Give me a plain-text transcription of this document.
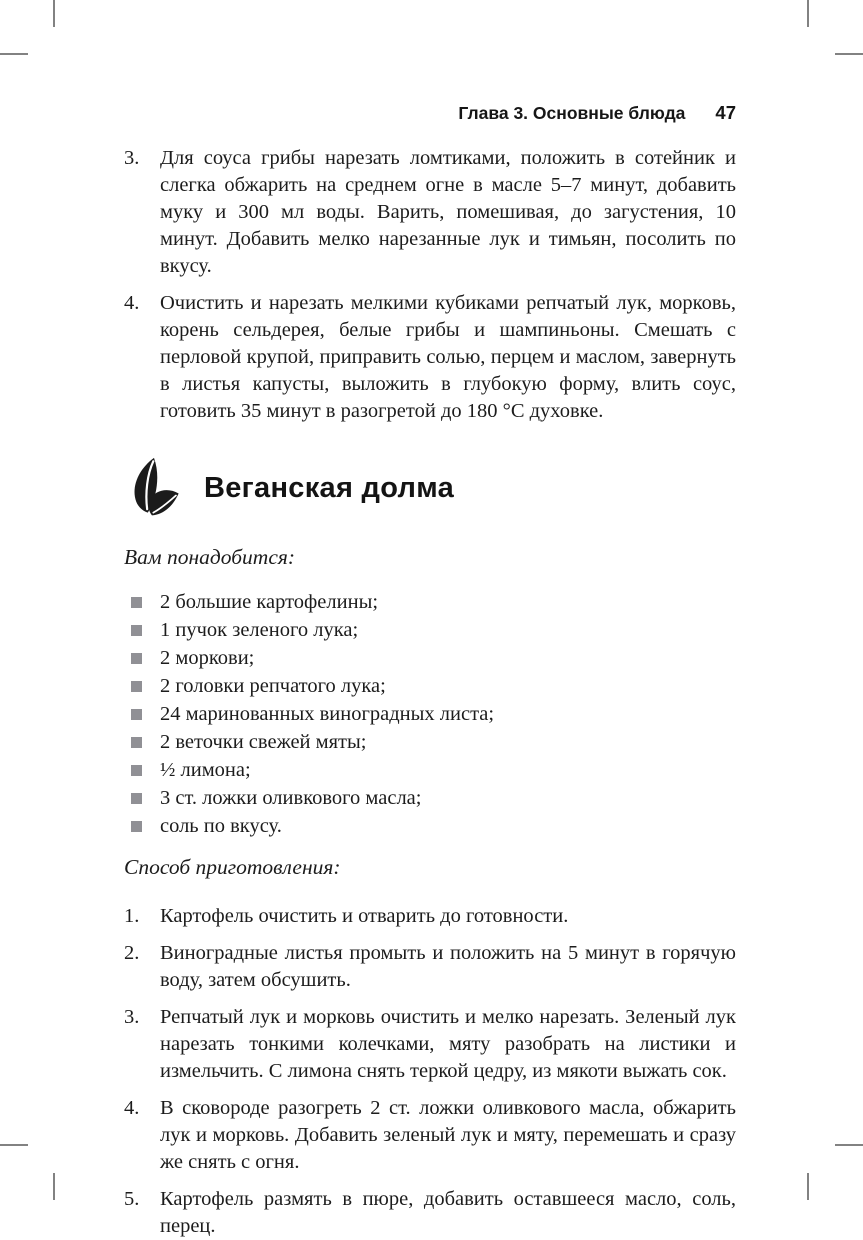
Глава 3. Основные блюда 47
3.	Для соуса грибы нарезать ломтиками, положить в сотейник и слегка обжарить на среднем огне в масле 5–7 минут, добавить муку и 300 мл воды. Варить, помешивая, до загустения, 10 минут. Добавить мелко нарезанные лук и тимьян, посолить по вкусу.
4.	Очистить и нарезать мелкими кубиками репчатый лук, морковь, корень сельдерея, белые грибы и шампиньоны. Смешать с перловой крупой, приправить солью, перцем и маслом, завернуть в листья капусты, выложить в глубокую форму, влить соус, готовить 35 минут в разогретой до 180 °C духовке.
Веганская долма
Вам понадобится:
2 большие картофелины;
1 пучок зеленого лука;
2 моркови;
2 головки репчатого лука;
24 маринованных виноградных листа;
2 веточки свежей мяты;
½ лимона;
3 ст. ложки оливкового масла;
соль по вкусу.
Способ приготовления:
1.	Картофель очистить и отварить до готовности.
2.	Виноградные листья промыть и положить на 5 минут в горячую воду, затем обсушить.
3.	Репчатый лук и морковь очистить и мелко нарезать. Зеленый лук нарезать тонкими колечками, мяту разобрать на листики и измельчить. С лимона снять теркой цедру, из мякоти выжать сок.
4.	В сковороде разогреть 2 ст. ложки оливкового масла, обжарить лук и морковь. Добавить зеленый лук и мяту, перемешать и сразу же снять с огня.
5.	Картофель размять в пюре, добавить оставшееся масло, соль, перец.
